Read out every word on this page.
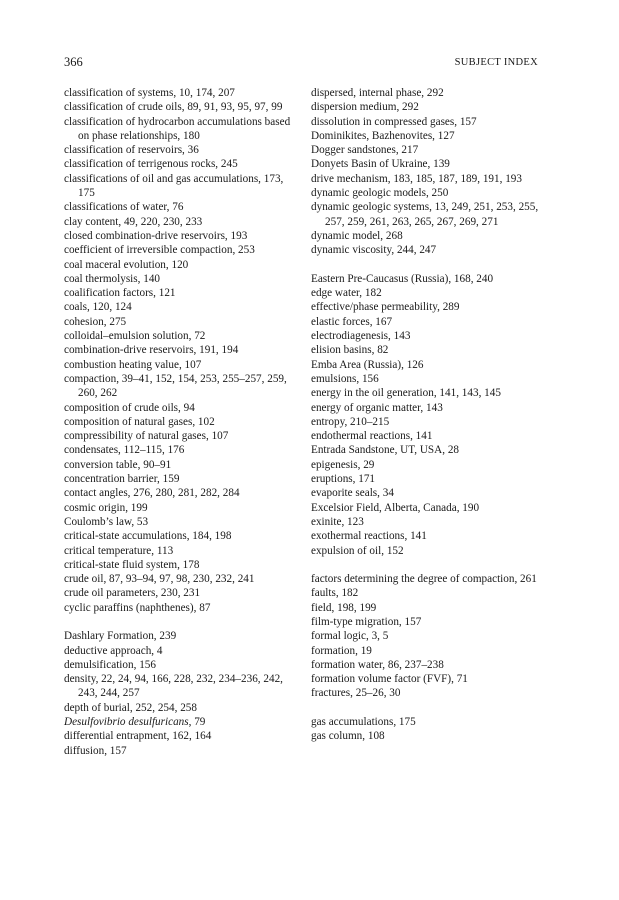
366	SUBJECT INDEX

classification of systems, 10, 174, 207

classification of crude oils, 89, 91, 93, 95, 97, 99

classification of hydrocarbon accumulations based on phase relationships, 180

classification of reservoirs, 36

classification of terrigenous rocks, 245

classifications of oil and gas accumulations, 173, 175

classifications of water, 76

clay content, 49, 220, 230, 233

closed combination-drive reservoirs, 193

coefficient of irreversible compaction, 253

coal maceral evolution, 120

coal thermolysis, 140

coalification factors, 121

coals, 120, 124

cohesion, 275

colloidal–emulsion solution, 72

combination-drive reservoirs, 191, 194

combustion heating value, 107

compaction, 39–41, 152, 154, 253, 255–257, 259, 260, 262

composition of crude oils, 94

composition of natural gases, 102

compressibility of natural gases, 107

condensates, 112–115, 176

conversion table, 90–91

concentration barrier, 159

contact angles, 276, 280, 281, 282, 284

cosmic origin, 199

Coulomb’s law, 53

critical-state accumulations, 184, 198

critical temperature, 113

critical-state fluid system, 178

crude oil, 87, 93–94, 97, 98, 230, 232, 241

crude oil parameters, 230, 231

cyclic paraffins (naphthenes), 87

Dashlary Formation, 239

deductive approach, 4

demulsification, 156

density, 22, 24, 94, 166, 228, 232, 234–236, 242, 243, 244, 257

depth of burial, 252, 254, 258

Desulfovibrio desulfuricans, 79

differential entrapment, 162, 164

diffusion, 157

dispersed, internal phase, 292

dispersion medium, 292

dissolution in compressed gases, 157

Dominikites, Bazhenovites, 127

Dogger sandstones, 217

Donyets Basin of Ukraine, 139

drive mechanism, 183, 185, 187, 189, 191, 193

dynamic geologic models, 250

dynamic geologic systems, 13, 249, 251, 253, 255, 257, 259, 261, 263, 265, 267, 269, 271

dynamic model, 268

dynamic viscosity, 244, 247

Eastern Pre-Caucasus (Russia), 168, 240

edge water, 182

effective/phase permeability, 289

elastic forces, 167

electrodiagenesis, 143

elision basins, 82

Emba Area (Russia), 126

emulsions, 156

energy in the oil generation, 141, 143, 145

energy of organic matter, 143

entropy, 210–215

endothermal reactions, 141

Entrada Sandstone, UT, USA, 28

epigenesis, 29

eruptions, 171

evaporite seals, 34

Excelsior Field, Alberta, Canada, 190

exinite, 123

exothermal reactions, 141

expulsion of oil, 152

factors determining the degree of compaction, 261

faults, 182

field, 198, 199

film-type migration, 157

formal logic, 3, 5

formation, 19

formation water, 86, 237–238

formation volume factor (FVF), 71

fractures, 25–26, 30

gas accumulations, 175

gas column, 108
